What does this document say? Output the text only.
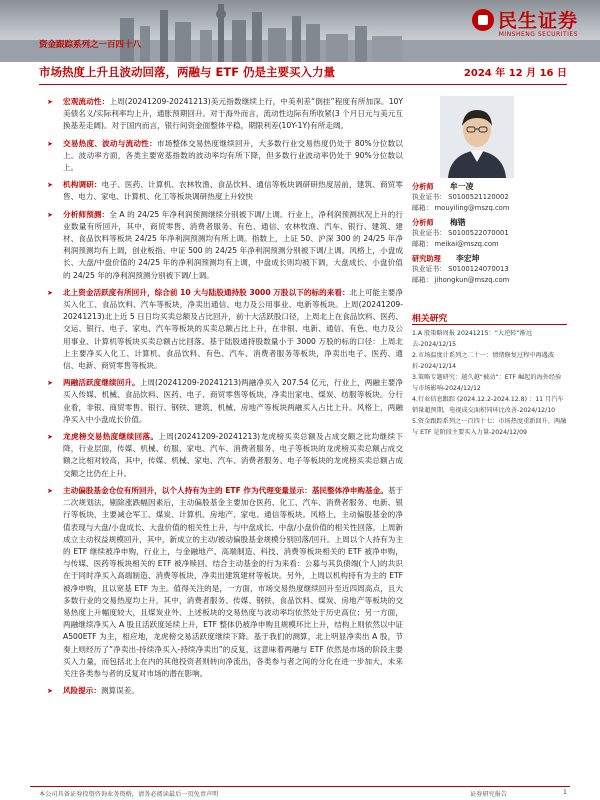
资金跟踪系列之一百四十八
民生证券
MINSHENG SECURITIES
市场热度上升且波动回落，两融与 ETF 仍是主要买入力量	2024 年 12 月 16 日

➤ 宏观流动性：上周(20241209-20241213)美元指数继续上行，中美利差“倒挂”程度有所加深。10Y 美债名义/实际利率均上升，通胀预期回升。对于海外而言，流动性边际有所收紧(3 个月日元与美元互换基差走阔)。对于国内而言，银行间资金面整体平稳，期限利差(10Y-1Y)有所走阔。

➤ 交易热度、波动与流动性：市场整体交易热度继续回升，大多数行业交易热度仍处于 80%分位数以上。波动率方面，各类主要宽基指数的波动率均有所下降，但多数行业波动率仍处于 90%分位数以上。

➤ 机构调研：电子、医药、计算机、农林牧渔、食品饮料、通信等板块调研研热度居前，建筑、商贸零售、电力、家电、计算机、化工等板块调研热度上升较快

➤ 分析师预测：全 A 的 24/25 年净利润预测继续分别被下调/上调。行业上，净利润预测状况上升的行业数量有所回升，其中，商贸零售、消费者服务、有色、通信、农林牧渔、汽车、银行、建筑、建材、食品饮料等板块 24/25 年净利润预测均有所上调。指数上，上证 50、沪深 300 的 24/25 年净利润预测均有上调，创业板指、中证 500 的 24/25 年净利润预测分别被下调/上调。风格上，小盘成长、大盘/中盘价值的 24/25 年的净利润预测均有上调，中盘成长则均被下调，大盘成长、小盘价值的 24/25 年的净利润预测分别被下调/上调。

➤ 北上资金活跃度有所回升，综合前 10 大与陆股通持股 3000 万股以下的标的来看：北上可能主要净买入化工、食品饮料、汽车等板块，净卖出通信、电力及公用事业、电新等板块。上周(20241209-20241213)北上近 5 日日均买卖总额及占比回升，前十大活跃股口径，上周北上在食品饮料、医药、交运、银行、电子、家电、汽车等板块的买卖总额占比上升，在非银、电新、通信、有色、电力及公用事业、计算机等板块买卖总额占比回落。基于陆股通持股数量小于 3000 万股的标的口径：上周北上主要净买入化工、计算机、食品饮料、有色、汽车、消费者服务等板块，净卖出电子、医药、通信、电新、商贸零售等板块。

➤ 两融活跃度继续回升。上周(20241209-20241213)两融净买入 207.54 亿元，行业上，两融主要净买入传媒、机械、食品饮料、医药、电子、商贸零售等板块，净卖出家电、煤炭、纺服等板块。分行业看，非银、商贸零售、银行、钢铁、建筑、机械、房地产等板块两融买入占比上升。风格上，两融净买入中小盘成长价值。

➤ 龙虎榜交易热度继续回落。上周(20241209-20241213)龙虎榜买卖总额及占成交额之比均继续下降，行业层面，传媒、机械、纺服、家电、汽车、消费者服务、电子等板块的龙虎榜买卖总额占成交额之比相对较高，其中，传媒、机械、家电、汽车、消费者服务、电子等板块的龙虎榜买卖总额占成交额之比仍在上升。

➤ 主动偏股基金仓位有所回升，以个人持有为主的 ETF 作为代理变量显示：基民整体净申购基金。基于二次规划法，剔除涨跌幅因素后，主动偏股基金主要加仓医药、化工、汽车、消费者服务、电新、银行等板块，主要减仓军工、煤炭、计算机、房地产、家电、通信等板块。风格上，主动偏股基金的净值表现与大盘/小盘成长、大盘价值的相关性上升，与中盘成长、中盘/小盘价值的相关性回落。上周新成立主动权益规模回升，其中，新成立的主动/被动偏股基金规模分别回落/回升。上周以个人持有为主的 ETF 继续被净申购，行业上，与金融地产、高端制造、科技、消费等板块相关的 ETF 被净申购，与传媒、医药等板块相关的 ETF 被净赎回。结合主动基金的行为来看：公募与其负债端(个人)的共识在于同时净买入高端制造、消费等板块，净卖出建筑建材等板块。另外，上周以机构持有为主的 ETF 被净申购，且以宽基 ETF 为主。值得关注的是，一方面，市场交易热度继续回升至近四周高点，且大多数行业的交易热度均上升，其中，消费者服务、传媒、钢铁、食品饮料、煤炭、房地产等板块的交易热度上升幅度较大，且煤炭业外、上述板块的交易热度与波动率均依然处于历史高位；另一方面，两融继续净买入 A 股且活跃度延续上升，ETF 整体仍被净申购且规模环比上升，结构上则依然以中证 A500ETF 为主，相应地，龙虎榜交易活跃度继续下降。基于我们的测算，北上明显净卖出 A 股，节奏上则经历了“净卖出-持续净买入-持续净卖出”的反复，这意味着两融与 ETF 依然是市场的阶段主要买入力量，而包括北上在内的其他投资者则转向净流出，各类参与者之间的分化在进一步加大，未来关注各类参与者的反复对市场的潜在影响。

➤ 风险提示：测算误差。

分析师 牟一凌
执业证书： S0100521120002
邮箱： mouyiling@mszq.com
分析师 梅锴
执业证书： S0100522070001
邮箱： meikai@mszq.com
研究助理 李宏坤
执业证书： S0100124070013
邮箱： jihongkun@mszq.com
相关研究
1.A 股策略周报 20241215：“大逆转”渐远去-2024/12/15
2.市场温度计系列之二十一：情绪修复过程中再遇波折-2024/12/14
3.策略专题研究：越久越“被动”：ETF 崛起的海外经验与市场影响-2024/12/12
4.行业信息跟踪 (2024.12.2-2024.12.8) ：11 月汽车销量超预期，电视成交面积同环比改善-2024/12/10
5.资金跟踪系列之一百四十七：市场热度重新回升，两融与 ETF 是阶段主要买入力量-2024/12/09
本公司具备证券投资咨询业务资格，请务必阅读最后一页免责声明	证券研究报告	1
